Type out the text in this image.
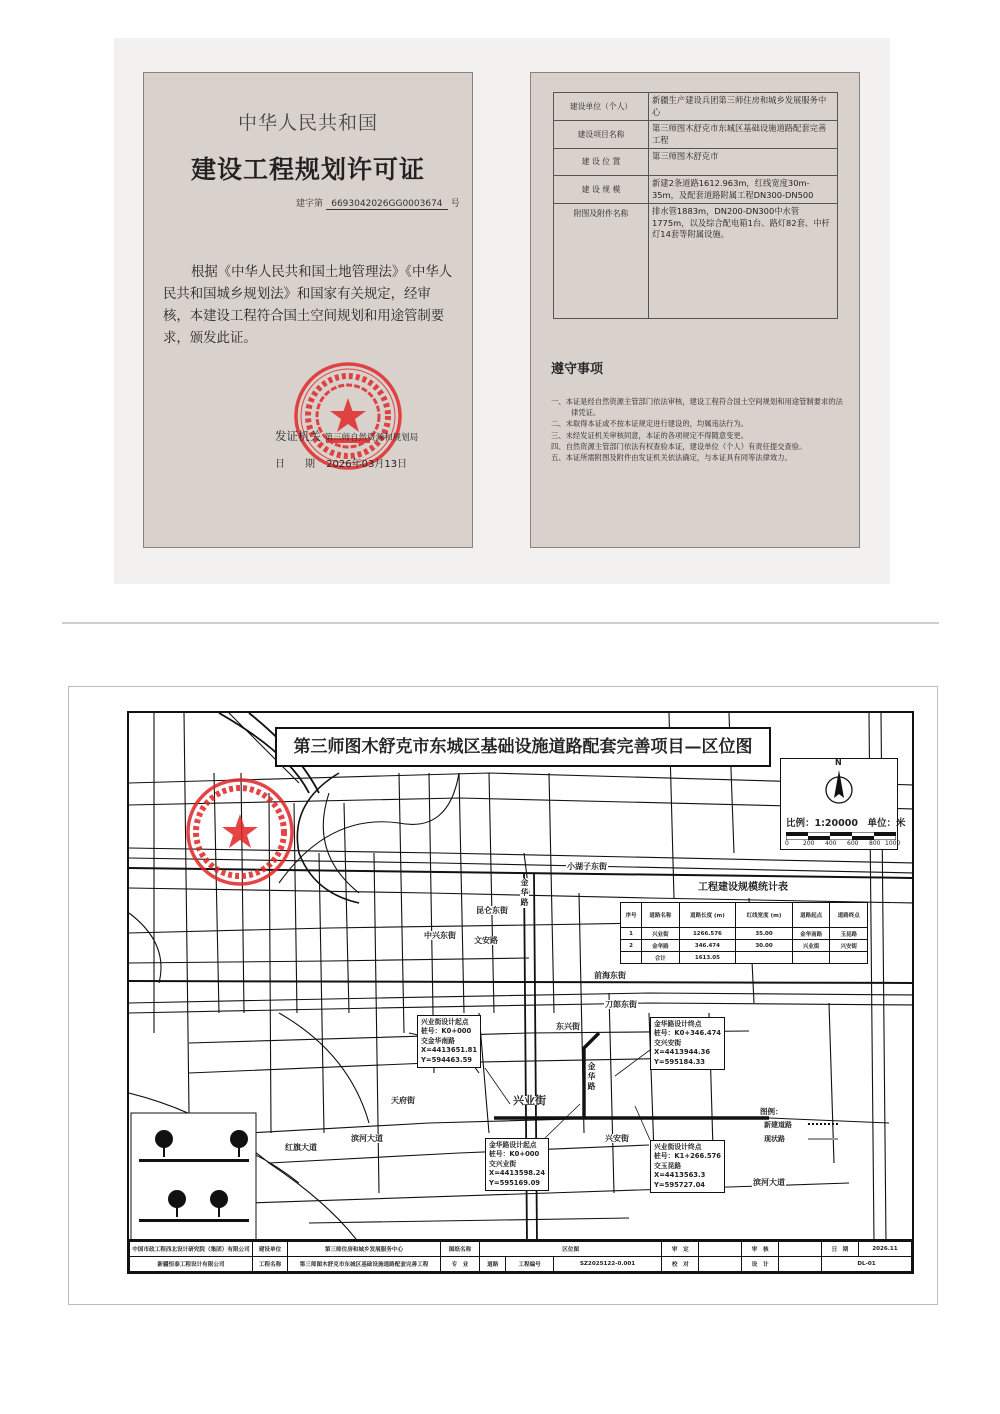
中华人民共和国
建设工程规划许可证
建字第 6693042026GG0003674 号
根据《中华人民共和国土地管理法》《中华人民共和国城乡规划法》和国家有关规定，经审核，本建设工程符合国土空间规划和用途管制要求，颁发此证。
发证机关 第三师自然资源和规划局
日　　期 2026年03月13日
建设单位（个人）	新疆生产建设兵团第三师住房和城乡发展服务中心
建设项目名称	第三师图木舒克市东城区基础设施道路配套完善工程
建 设 位 置	第三师图木舒克市
建 设 规 模	新建2条道路1612.963m，红线宽度30m-35m，及配套道路附属工程DN300-DN500
附图及附件名称	排水管1883m，DN200-DN300中水管1775m，以及综合配电箱1台、路灯82套、中杆灯14套等附属设施。
遵守事项
一、本证是经自然资源主管部门依法审核，建设工程符合国土空间规划和用途管制要求的法律凭证。
二、未取得本证或不按本证规定进行建设的，均属违法行为。
三、未经发证机关审核同意，本证的各项规定不得随意变更。
四、自然资源主管部门依法有权查验本证，建设单位（个人）有责任提交查验。
五、本证所需附图及附件由发证机关依法确定，与本证具有同等法律效力。
第三师图木舒克市东城区基础设施道路配套完善项目—区位图
N
比例：1:20000　单位：米
0 200 400 600 800 1000
工程建设规模统计表
序号	道路名称	道路长度 (m)	红线宽度 (m)	道路起点	道路终点
1	兴业街	1266.576	35.00	金华南路	玉昆路
2	金华路	346.474	30.00	兴业街	兴安街
	合计	1613.05			
兴业街
刀郎东街
中兴东街
文安路
昆仑东街
小湖子东街
前海东街
兴安街
滨河大道
滨河大道
红旗大道
天府街
东兴街
金华路
金华路
兴业街设计起点
桩号：K0+000
交金华南路
X=4413651.81
Y=594463.59
金华路设计终点
桩号：K0+346.474
交兴安街
X=4413944.36
Y=595184.33
金华路设计起点
桩号：K0+000
交兴业街
X=4413598.24
Y=595169.09
兴业街设计终点
桩号：K1+266.576
交玉昆路
X=4413563.3
Y=595727.04
图例：
新建道路
现状路
中国市政工程西北设计研究院（集团）有限公司	建设单位	第三师住房和城乡发展服务中心	图纸名称	区位图			审　定		审　核		日　期	2026.11
新疆恒泰工程设计有限公司	工程名称	第三师图木舒克市东城区基础设施道路配套完善工程	专　业	道路	工程编号	SZ2025122-0.001	校　对		设　计		DL-01	
